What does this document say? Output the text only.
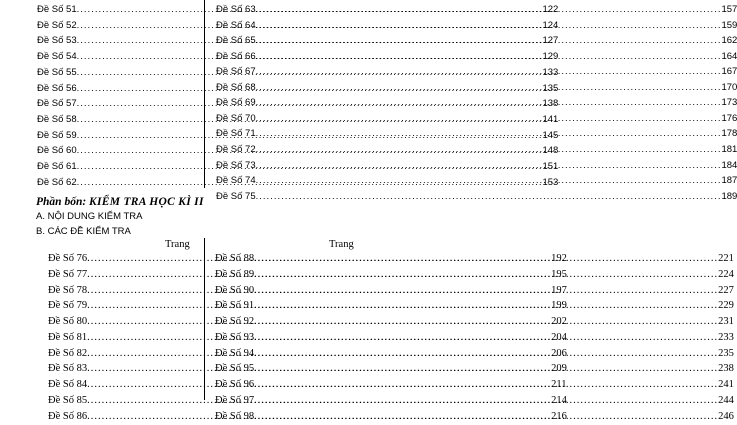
Đề Số 51 .....	122
Đề Số 52 .....	124
Đề Số 53 .....	127
Đề Số 54 .....	129
Đề Số 55 .....	133
Đề Số 56 .....	135
Đề Số 57 .....	138
Đề Số 58 .....	141
Đề Số 59 .....	145
Đề Số 60 .....	148
Đề Số 61 .....	151
Đề Số 62 .....	153
Đề Số 63 .....	157
Đề Số 64 .....	159
Đề Số 65 .....	162
Đề Số 66 .....	164
Đề Số 67 .....	167
Đề Số 68 .....	170
Đề Số 69 .....	173
Đề Số 70 .....	176
Đề Số 71 .....	178
Đề Số 72 .....	181
Đề Số 73 .....	184
Đề Số 74 .....	187
Đề Số 75 .....	189
Phần bốn: KIỂM TRA HỌC KÌ II
A. NỘI DUNG KIỂM TRA
B. CÁC ĐỀ KIỂM TRA
Trang	Trang
Đề Số 76 .....	192
Đề Số 77 .....	195
Đề Số 78 .....	197
Đề Số 79 .....	199
Đề Số 80 .....	202
Đề Số 81 .....	204
Đề Số 82 .....	206
Đề Số 83 .....	209
Đề Số 84 .....	211
Đề Số 85 .....	214
Đề Số 86 .....	216
Đề Số 88 .....	221
Đề Số 89 .....	224
Đề Số 90 .....	227
Đề Số 91 .....	229
Đề Số 92 .....	231
Đề Số 93 .....	233
Đề Số 94 .....	235
Đề Số 95 .....	238
Đề Số 96 .....	241
Đề Số 97 .....	244
Đề Số 98 .....	246
